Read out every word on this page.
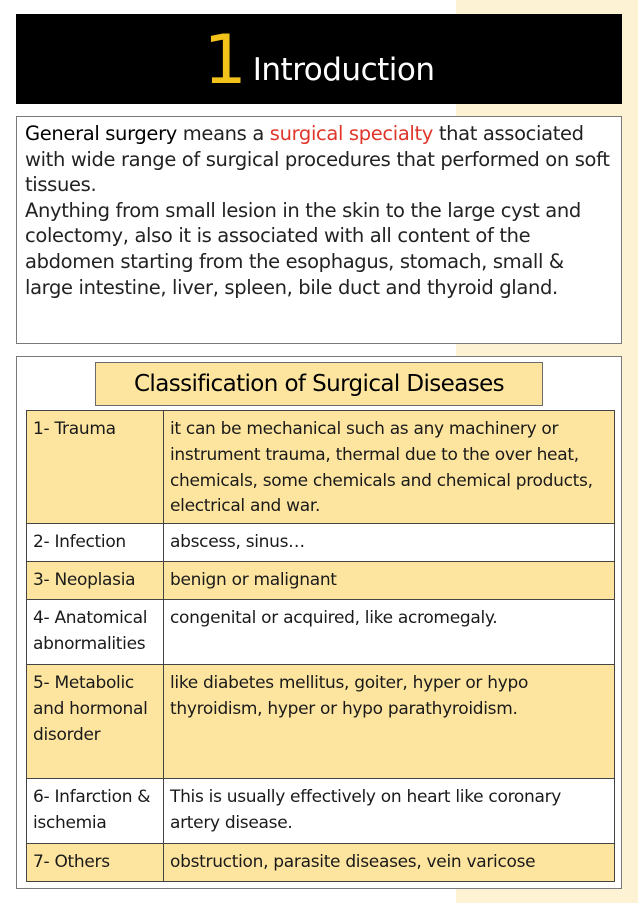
1 Introduction

General surgery means a surgical specialty that associated with wide range of surgical procedures that performed on soft tissues.

Anything from small lesion in the skin to the large cyst and colectomy, also it is associated with all content of the abdomen starting from the esophagus, stomach, small & large intestine, liver, spleen, bile duct and thyroid gland.

Classification of Surgical Diseases
1- Trauma	it can be mechanical such as any machinery or instrument trauma, thermal due to the over heat, chemicals, some chemicals and chemical products, electrical and war.
2- Infection	abscess, sinus…
3- Neoplasia	benign or malignant
4- Anatomical abnormalities	congenital or acquired, like acromegaly.
5- Metabolic and hormonal disorder	like diabetes mellitus, goiter, hyper or hypo thyroidism, hyper or hypo parathyroidism.
6- Infarction & ischemia	This is usually effectively on heart like coronary artery disease.
7- Others	obstruction, parasite diseases, vein varicose
